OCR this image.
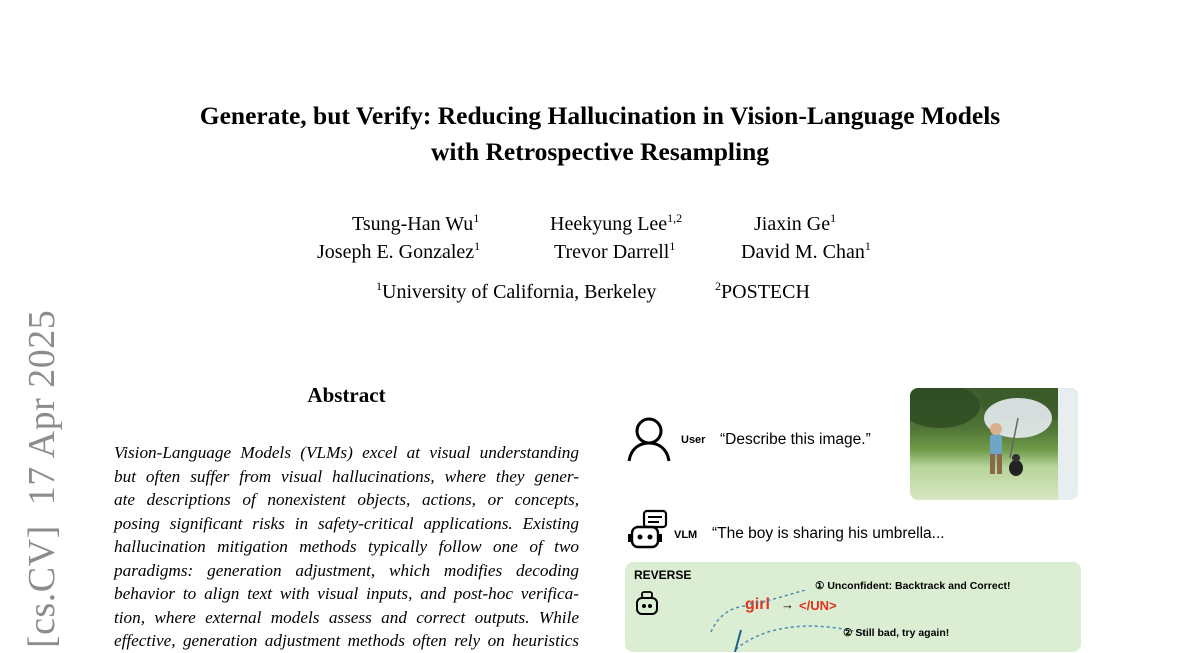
[cs.CV]  17 Apr 2025
Generate, but Verify: Reducing Hallucination in Vision-Language Models
with Retrospective Resampling
Tsung-Han Wu$^1$	Heekyung Lee$^{1,2}$	Jiaxin Ge$^1$
Joseph E. Gonzalez$^1$	Trevor Darrell$^1$	David M. Chan$^1$
$^1$University of California, Berkeley	$^2$POSTECH
Abstract
Vision-Language Models (VLMs) excel at visual understanding
but often suffer from visual hallucinations, where they gener-
ate descriptions of nonexistent objects, actions, or concepts,
posing significant risks in safety-critical applications. Existing
hallucination mitigation methods typically follow one of two
paradigms: generation adjustment, which modifies decoding
behavior to align text with visual inputs, and post-hoc verifica-
tion, where external models assess and correct outputs. While
effective, generation adjustment methods often rely on heuristics
User “Describe this image.”
VLM “The boy is sharing his umbrella...
REVERSE
① Unconfident: Backtrack and Correct!
girl → </UN>
② Still bad, try again!
